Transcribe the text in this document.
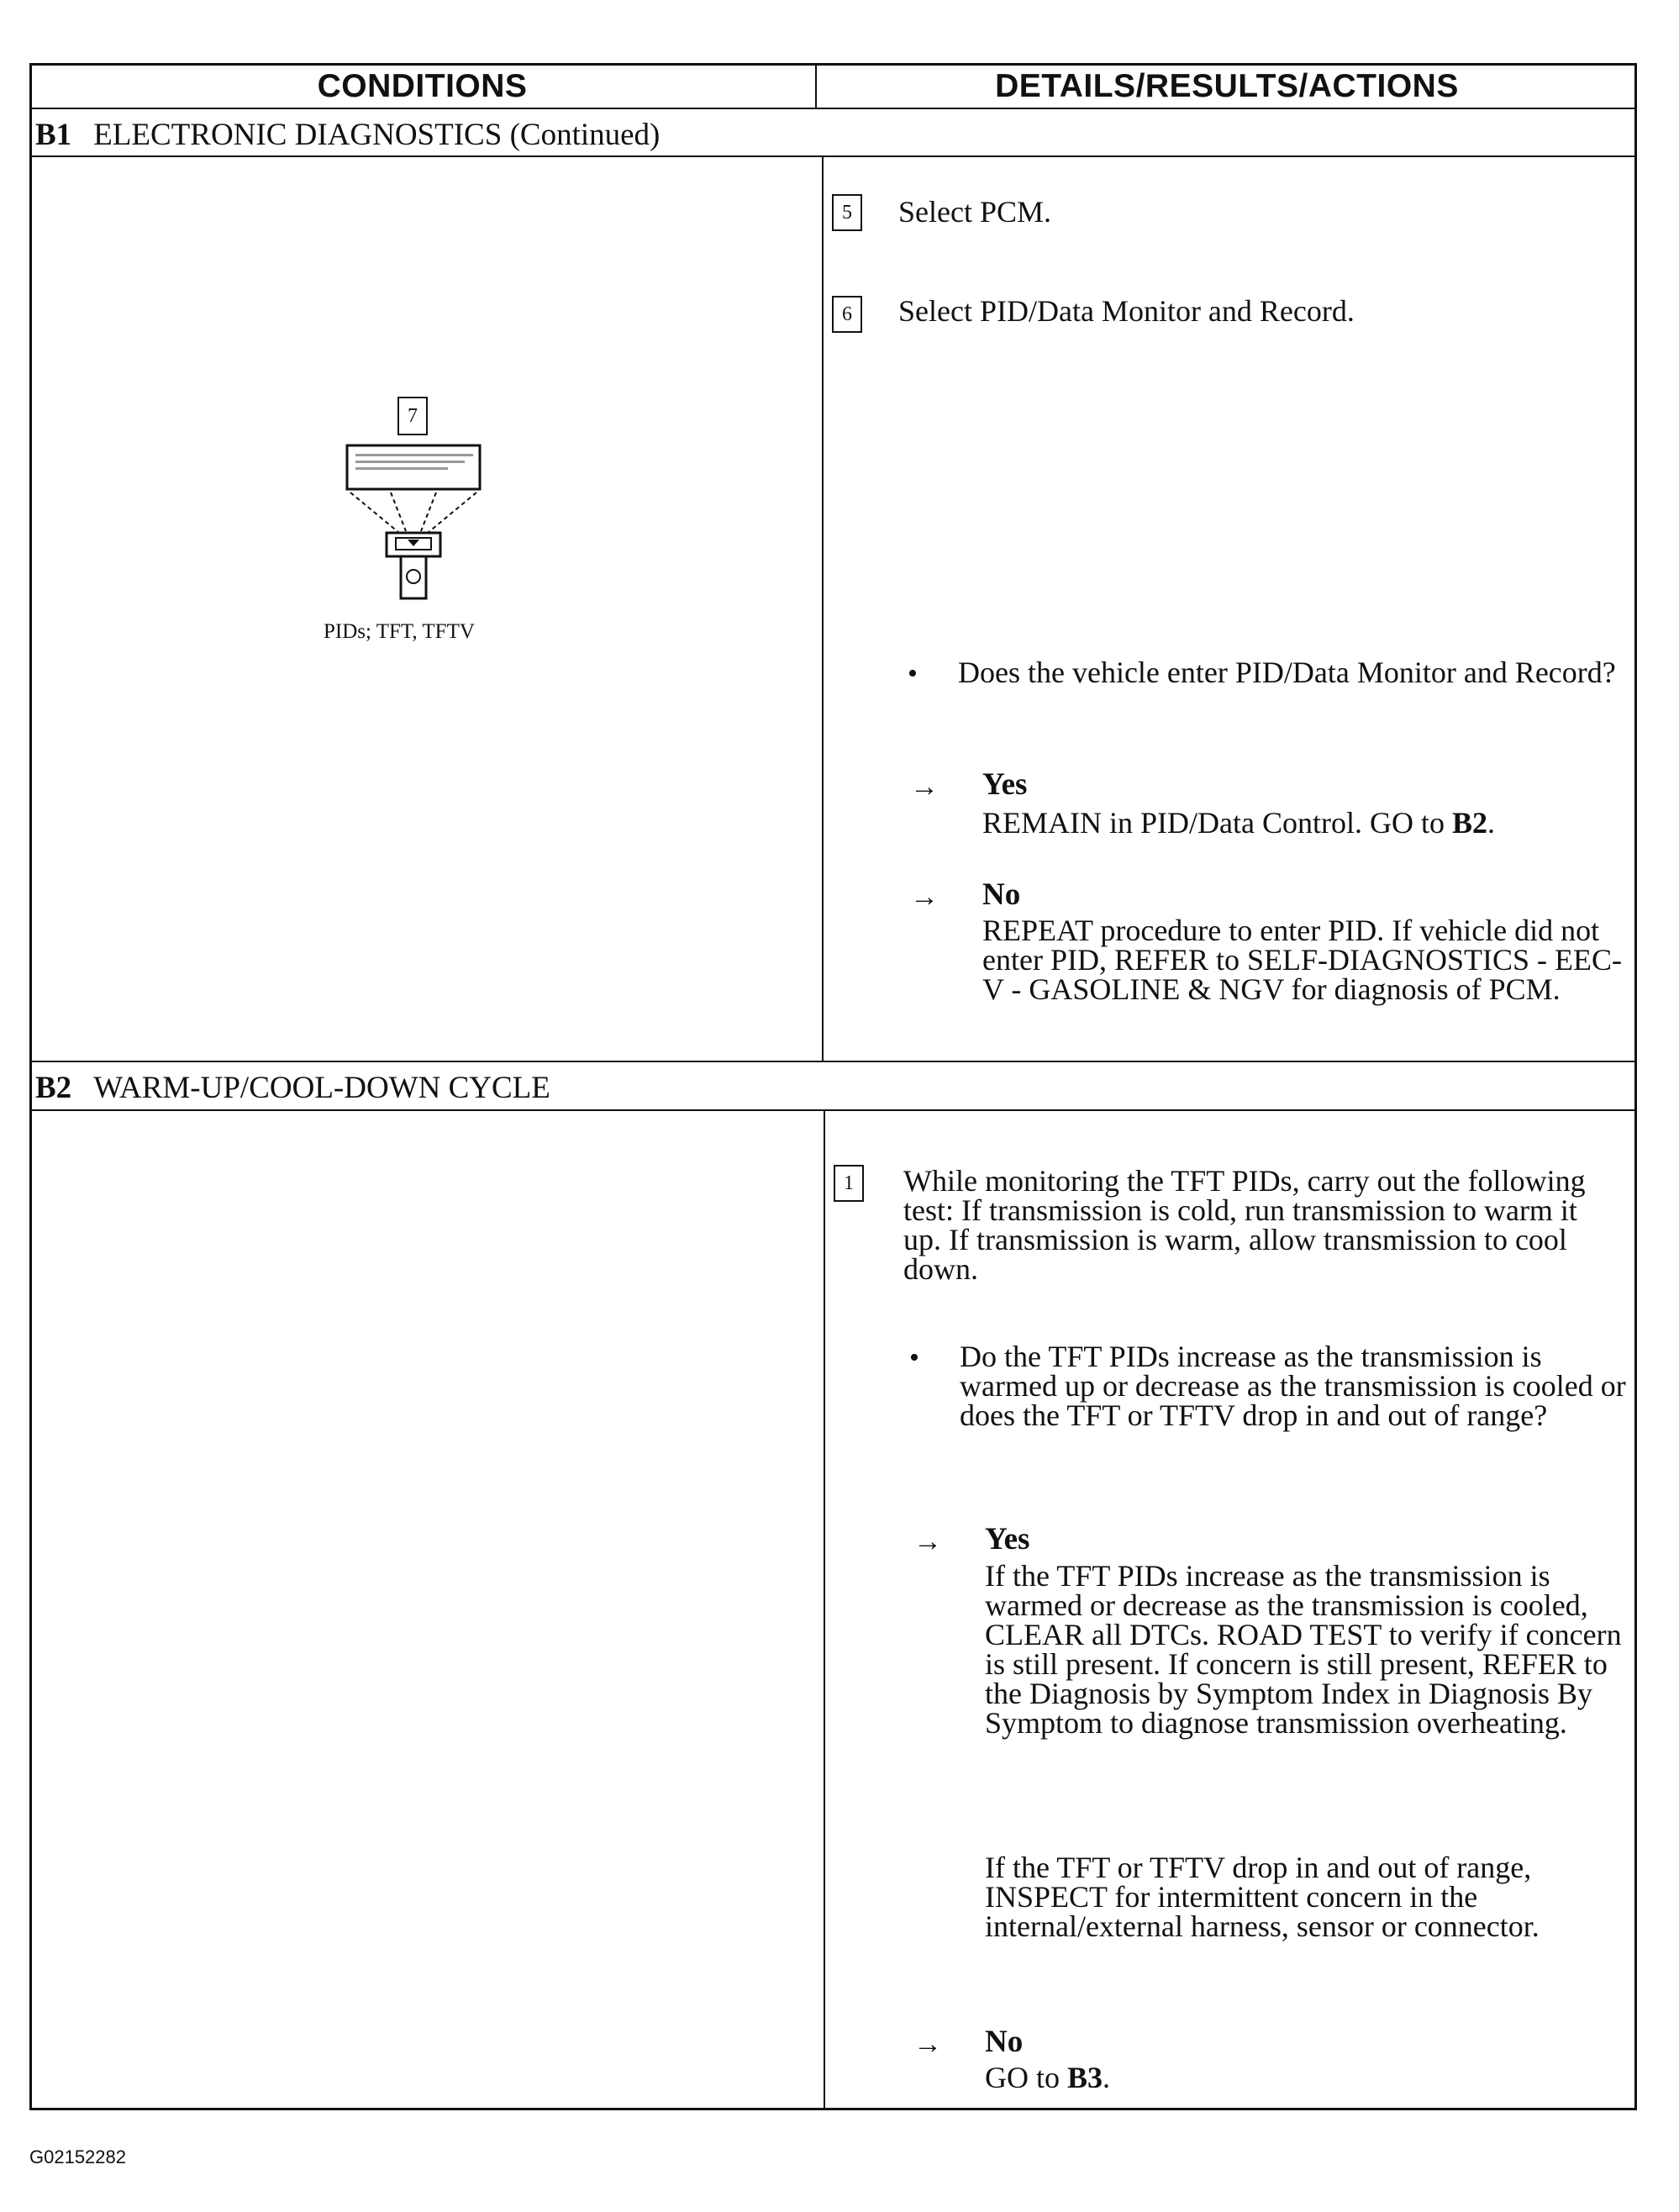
CONDITIONS	DETAILS/RESULTS/ACTIONS
B1 ELECTRONIC DIAGNOSTICS (Continued)
5	Select PCM.
6	Select PID/Data Monitor and Record.
7
PIDs; TFT, TFTV
• Does the vehicle enter PID/Data Monitor and Record?
→ Yes
REMAIN in PID/Data Control. GO to B2.
→ No
REPEAT procedure to enter PID. If vehicle did not enter PID, REFER to SELF-DIAGNOSTICS - EEC-V - GASOLINE & NGV for diagnosis of PCM.
B2 WARM-UP/COOL-DOWN CYCLE
1	While monitoring the TFT PIDs, carry out the following test: If transmission is cold, run transmission to warm it up. If transmission is warm, allow transmission to cool down.
• Do the TFT PIDs increase as the transmission is warmed up or decrease as the transmission is cooled or does the TFT or TFTV drop in and out of range?
→ Yes
If the TFT PIDs increase as the transmission is warmed or decrease as the transmission is cooled, CLEAR all DTCs. ROAD TEST to verify if concern is still present. If concern is still present, REFER to the Diagnosis by Symptom Index in Diagnosis By Symptom to diagnose transmission overheating.
If the TFT or TFTV drop in and out of range, INSPECT for intermittent concern in the internal/external harness, sensor or connector.
→ No
GO to B3.
G02152282
